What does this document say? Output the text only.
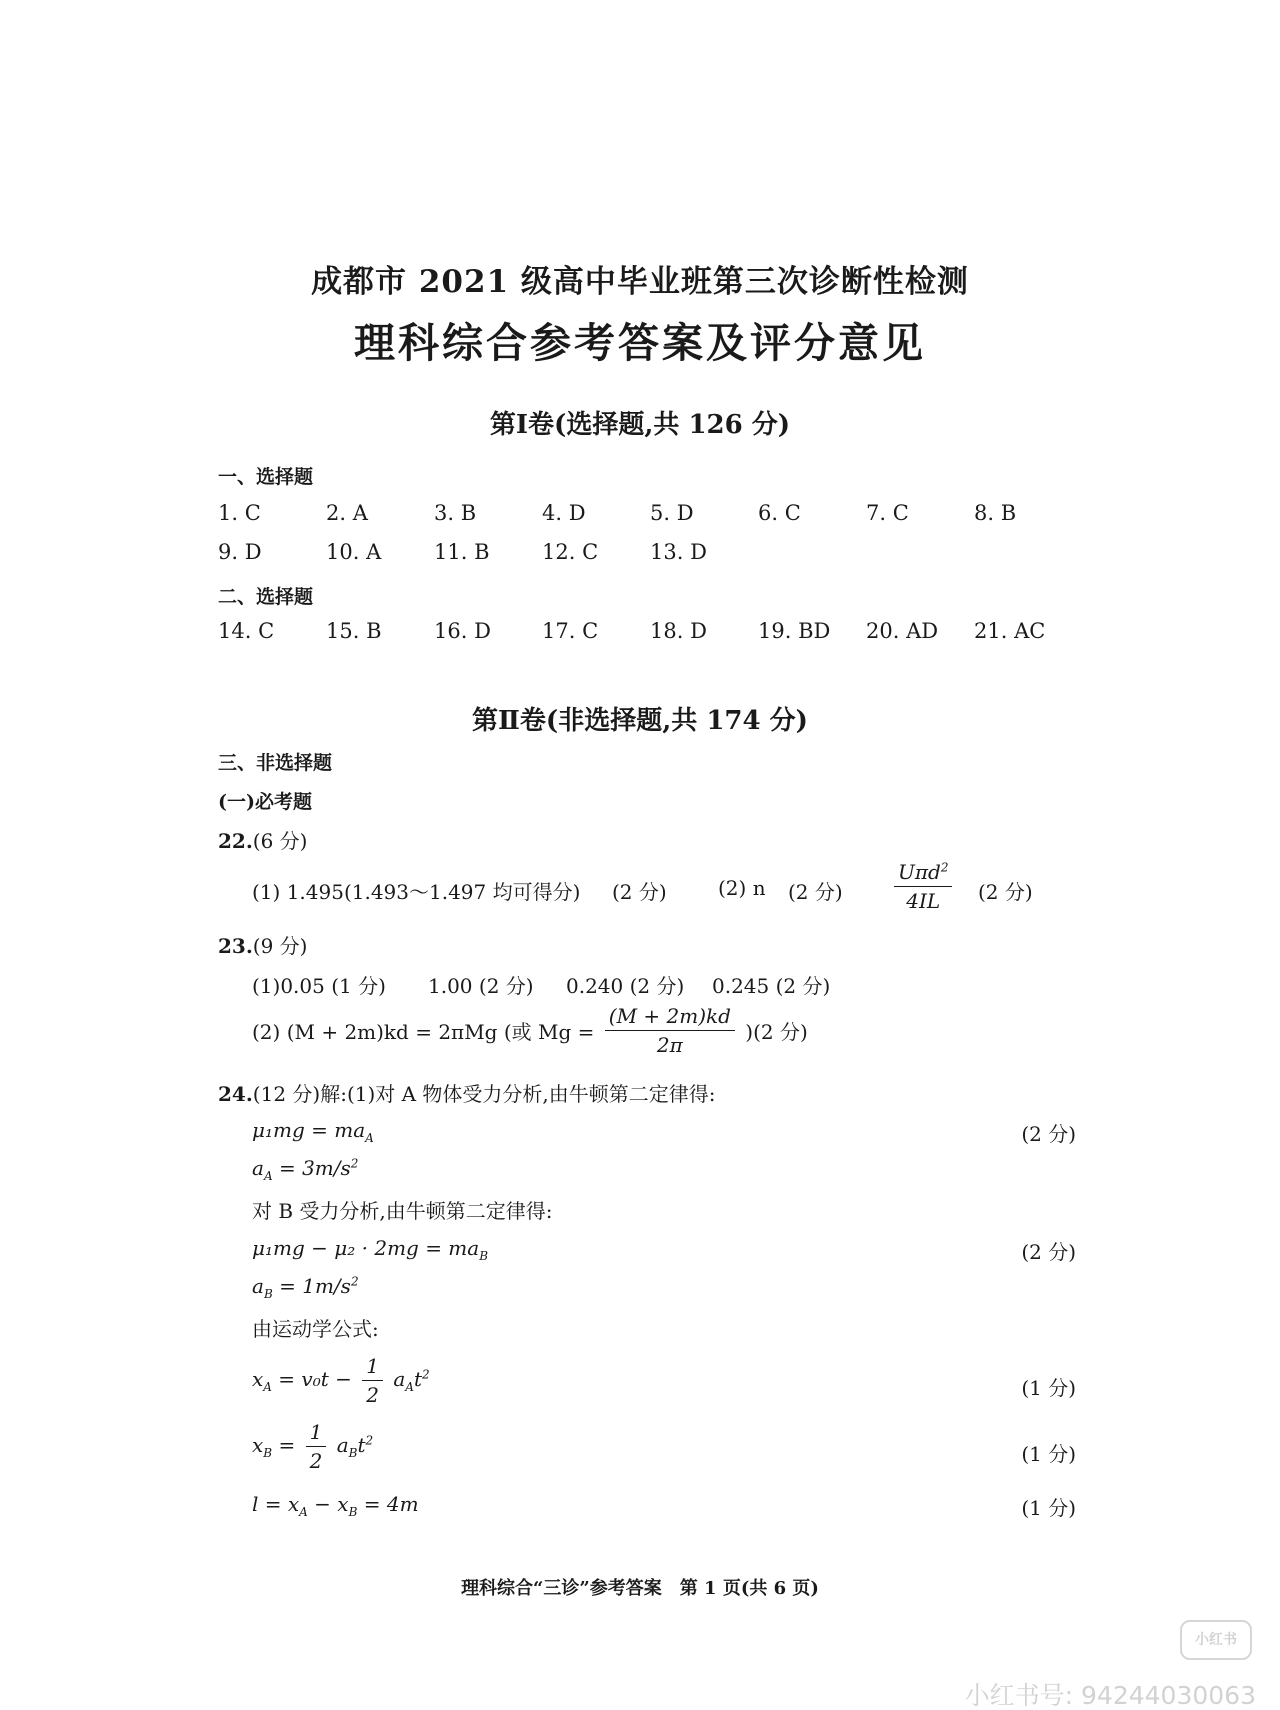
成都市 2021 级高中毕业班第三次诊断性检测
理科综合参考答案及评分意见
第Ⅰ卷(选择题,共 126 分)
一、选择题
1. C	2. A	3. B	4. D	5. D	6. C	7. C	8. B
9. D	10. A	11. B 12. C 13. D
二、选择题
14. C 15. B 16. D 17. C 18. D 19. BD 20. AD 21. AC
第Ⅱ卷(非选择题,共 174 分)
三、非选择题
(一)必考题
22.(6 分)
(1) 1.495(1.493～1.497 均可得分) (2 分)	(2) n (2 分)	$\frac{U\pi d^2}{4IL} (2$ 分)
23.(9 分)
(1)0.05 (1 分) 1.00 (2 分) 0.240 (2 分) 0.245 (2 分)
(2) (M + 2m)kd = 2πMg (或 $Mg = \frac{(M + 2m)kd}{2\pi} )(2$ 分)
24.(12 分)解:(1)对 A 物体受力分析,由牛顿第二定律得:
$\mu_1mg = ma_A$	(2 分)
$a_A = 3m/s^2$
对 B 受力分析,由牛顿第二定律得:
$\mu_1mg - \mu_2 \cdot 2mg = ma_B$	(2 分)
$a_B = 1m/s^2$
由运动学公式:
$x_A = v_0t - \frac{1}{2} a_At^2$
(1 分)
$x_B = \frac{1}{2} a_Bt^2$
(1 分)
$l = x_A - x_B = 4m$	(1 分)
理科综合“三诊”参考答案　第 1 页(共 6 页)
小红书
小红书号: 94244030063
